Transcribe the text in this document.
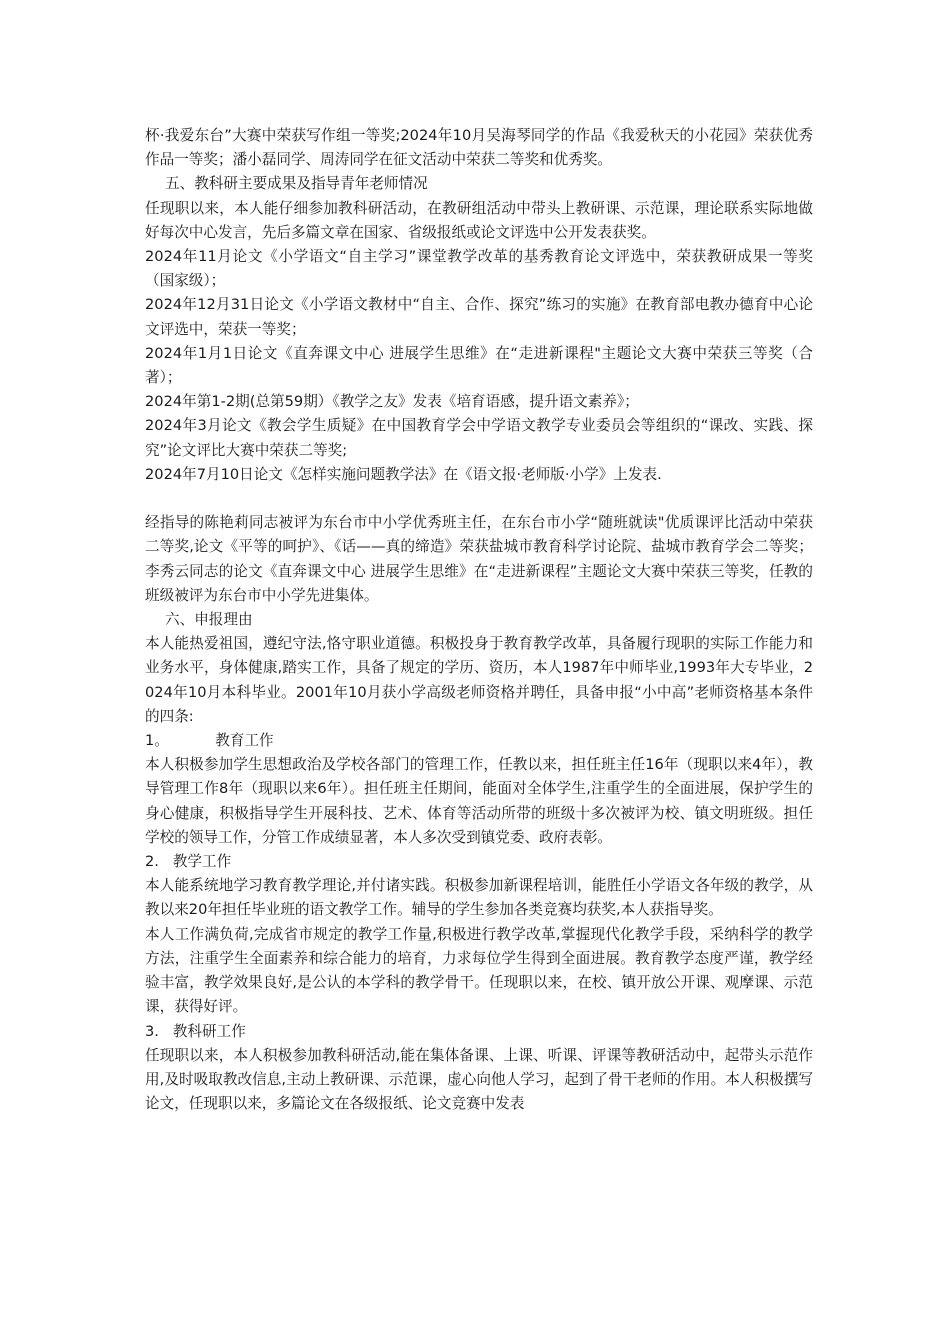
杯·我爱东台”大赛中荣获写作组一等奖;2024年10月吴海琴同学的作品《我爱秋天的小花园》荣获优秀作品一等奖；潘小磊同学、周涛同学在征文活动中荣获二等奖和优秀奖。

五、教科研主要成果及指导青年老师情况

任现职以来，本人能仔细参加教科研活动，在教研组活动中带头上教研课、示范课，理论联系实际地做好每次中心发言，先后多篇文章在国家、省级报纸或论文评选中公开发表获奖。

2024年11月论文《小学语文“自主学习”课堂教学改革的基秀教育论文评选中，荣获教研成果一等奖（国家级）；

2024年12月31日论文《小学语文教材中“自主、合作、探究”练习的实施》在教育部电教办德育中心论文评选中，荣获一等奖；

2024年1月1日论文《直奔课文中心 进展学生思维》在“走进新课程"主题论文大赛中荣获三等奖（合著）；

2024年第1-2期(总第59期）《教学之友》发表《培育语感，提升语文素养》；

2024年3月论文《教会学生质疑》在中国教育学会中学语文教学专业委员会等组织的“课改、实践、探究”论文评比大赛中荣获二等奖;

2024年7月10日论文《怎样实施问题教学法》在《语文报·老师版·小学》上发表.

经指导的陈艳莉同志被评为东台市中小学优秀班主任，在东台市小学“随班就读"优质课评比活动中荣获二等奖,论文《平等的呵护》、《话——真的缔造》荣获盐城市教育科学讨论院、盐城市教育学会二等奖；李秀云同志的论文《直奔课文中心 进展学生思维》在“走进新课程”主题论文大赛中荣获三等奖，任教的班级被评为东台市中小学先进集体。

六、申报理由

本人能热爱祖国，遵纪守法,恪守职业道德。积极投身于教育教学改革，具备履行现职的实际工作能力和业务水平，身体健康,踏实工作，具备了规定的学历、资历，本人1987年中师毕业,1993年大专毕业，2024年10月本科毕业。2001年10月获小学高级老师资格并聘任，具备申报“小中高”老师资格基本条件的四条:

1。          教育工作

本人积极参加学生思想政治及学校各部门的管理工作，任教以来，担任班主任16年（现职以来4年），教导管理工作8年（现职以来6年）。担任班主任期间，能面对全体学生,注重学生的全面进展，保护学生的身心健康，积极指导学生开展科技、艺术、体育等活动所带的班级十多次被评为校、镇文明班级。担任学校的领导工作，分管工作成绩显著，本人多次受到镇党委、政府表彰。

2.   教学工作

本人能系统地学习教育教学理论,并付诸实践。积极参加新课程培训，能胜任小学语文各年级的教学，从教以来20年担任毕业班的语文教学工作。辅导的学生参加各类竞赛均获奖,本人获指导奖。

本人工作满负荷,完成省市规定的教学工作量,积极进行教学改革,掌握现代化教学手段，采纳科学的教学方法，注重学生全面素养和综合能力的培育，力求每位学生得到全面进展。教育教学态度严谨，教学经验丰富，教学效果良好,是公认的本学科的教学骨干。任现职以来，在校、镇开放公开课、观摩课、示范课，获得好评。

3.   教科研工作

任现职以来，本人积极参加教科研活动,能在集体备课、上课、听课、评课等教研活动中，起带头示范作用,及时吸取教改信息,主动上教研课、示范课，虚心向他人学习，起到了骨干老师的作用。本人积极撰写论文，任现职以来，多篇论文在各级报纸、论文竞赛中发表
